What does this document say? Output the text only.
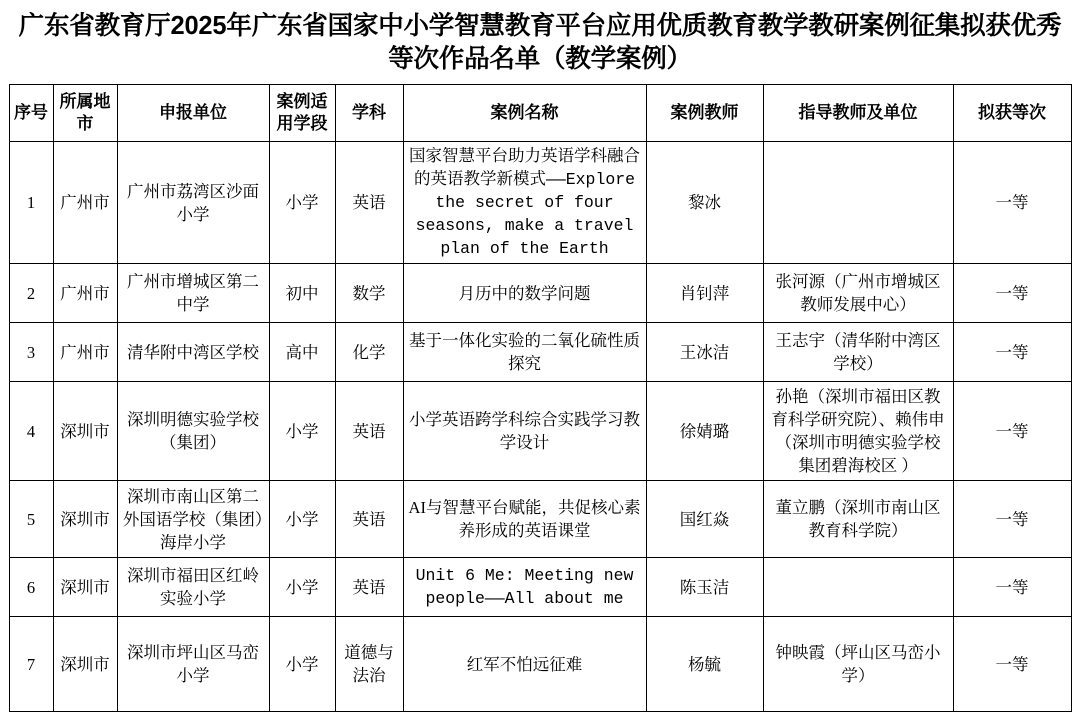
广东省教育厅2025年广东省国家中小学智慧教育平台应用优质教育教学教研案例征集拟获优秀等次作品名单（教学案例）
序号	所属地市	申报单位	案例适用学段	学科	案例名称	案例教师	指导教师及单位	拟获等次
1	广州市	广州市荔湾区沙面小学	小学	英语	国家智慧平台助力英语学科融合的英语教学新模式——Explore the secret of four seasons, make a travel plan of the Earth	黎冰		一等
2	广州市	广州市增城区第二中学	初中	数学	月历中的数学问题	肖钊萍	张河源（广州市增城区教师发展中心）	一等
3	广州市	清华附中湾区学校	高中	化学	基于一体化实验的二氧化硫性质探究	王冰洁	王志宇（清华附中湾区学校）	一等
4	深圳市	深圳明德实验学校（集团）	小学	英语	小学英语跨学科综合实践学习教学设计	徐婧璐	孙艳（深圳市福田区教育科学研究院）、赖伟申（深圳市明德实验学校集团碧海校区 ）	一等
5	深圳市	深圳市南山区第二外国语学校（集团）海岸小学	小学	英语	AI与智慧平台赋能，共促核心素养形成的英语课堂	国红焱	董立鹏（深圳市南山区教育科学院）	一等
6	深圳市	深圳市福田区红岭实验小学	小学	英语	Unit 6 Me: Meeting new people——All about me	陈玉洁		一等
7	深圳市	深圳市坪山区马峦小学	小学	道德与法治	红军不怕远征难	杨毓	钟映霞（坪山区马峦小学）	一等
